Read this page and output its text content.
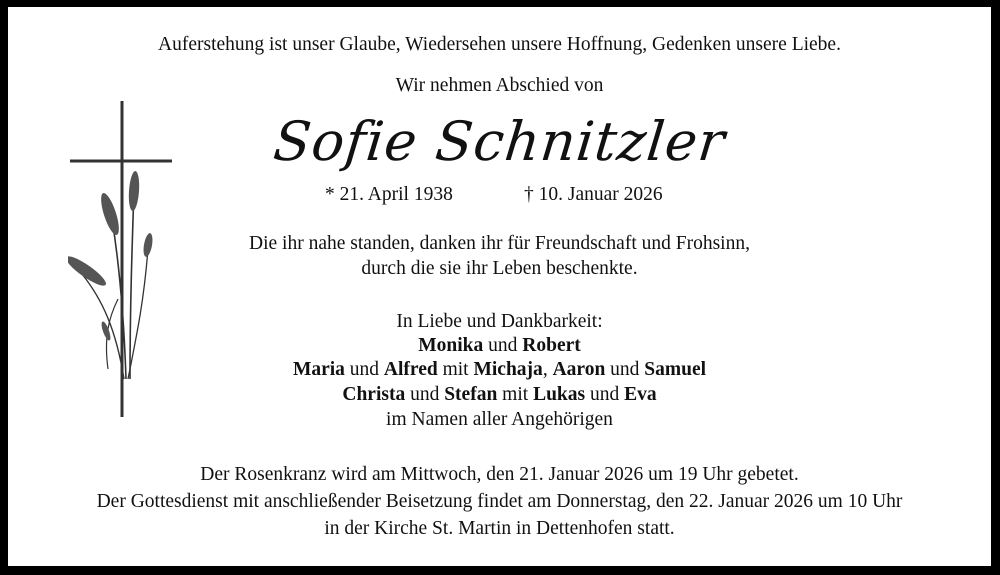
Auferstehung ist unser Glaube, Wiedersehen unsere Hoffnung, Gedenken unsere Liebe.
Wir nehmen Abschied von
Sofie Schnitzler
* 21. April 1938	† 10. Januar 2026
Die ihr nahe standen, danken ihr für Freundschaft und Frohsinn,
durch die sie ihr Leben beschenkte.
In Liebe und Dankbarkeit:
Monika und Robert
Maria und Alfred mit Michaja, Aaron und Samuel
Christa und Stefan mit Lukas und Eva
im Namen aller Angehörigen
Der Rosenkranz wird am Mittwoch, den 21. Januar 2026 um 19 Uhr gebetet.
Der Gottesdienst mit anschließender Beisetzung findet am Donnerstag, den 22. Januar 2026 um 10 Uhr
in der Kirche St. Martin in Dettenhofen statt.
